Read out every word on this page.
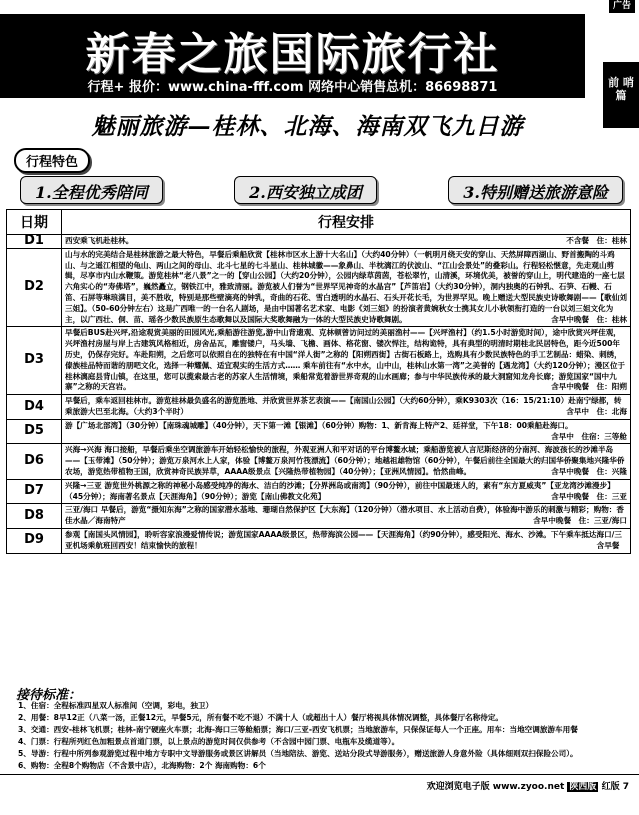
广告
新春之旅国际旅行社
行程+ 报价：www.china-fff.com 网络中心销售总机：86698871	前 哨 篇
魅丽旅游—桂林、北海、海南双飞九日游
行程特色
1.全程优秀陪同	2.西安独立成团	3.特别赠送旅游意险
日期	行程安排
D1	西安乘飞机赴桂林。 不含餐　 住：桂林

D2	山与水的完美结合是桂林旅游之最大特色，早餐后乘船欣赏【桂林市区水上游十大名山】（大约40分钟）（一帆明月绕天安的穿山、天然屏障西湖山、野首搬陶的斗鸡山、与之遥江相望的龟山、两山之间的母山、北斗七星的七斗星山、桂林城徽——象鼻山、半枕漓江的伏波山、“江山会景处”的叠彩山。行程轻松惬意，先走观山剪辑，尽享市内山水鞭策。游览桂林“老八景”之一的【穿山公园】（大约20分钟），公园内绿草茵茵，苍松翠竹，山清溪，环境优美，被誉的穿山上，明代建造的一座七层六角实心的“寿佛塔”，巍然矗立，钢铁江中，雅致清丽。游览被人们誉为“世界罕见神奇的水晶宫”【芦笛岩】（大约30分钟），洞内独奥的石钟乳、石笋、石幔、石笛、石屏等琳琅满目，美不胜收，特别是那些壁滴亮的钟乳，奇曲的石花、雪白透明的水晶石、石头开花长毛，为世界罕见。晚上赠送大型民族史诗歌舞剧——【歌仙刘三姐】。（50-60分钟左右）这是广西唯一的一台名人剧场，是由中国著名艺术家、电影《刘三姐》的扮演者黄婉秋女士携其女儿小秋领衔打造的一台以刘三姐文化为主，以广西壮、侗、苗、瑶各少数民族原生态歌舞以及国际大奖歌舞融为一体的大型民族史诗歌舞剧。 含早中晚餐　 住：桂林

D3	早餐后BUS赴兴坪,沿途观赏美丽的田园风光,乘船游往游览,游中山背遗观、克林顿曾访问过的美丽渔村——【兴坪渔村】（约1.5小时游览时间），途中欣赏兴坪佳观，兴坪渔村房屋与岸上古建筑风格相近，房舍品瓦，雕窗镂户，马头墙、飞檐、画体、格花窗、镂次悍注，结构诡特，具有典型的明清时期桂北民居特色，距今近500年历史，仍保存完好。车赴阳朔，之后您可以依照自在的独特在有中国“洋人街”之称的【阳朔西街】古街石板路上，选购具有少数民族特色的手工艺制品：蜡染、刺绣，傣族桂品特而谐的朋吧文化，选择一种耀佩、适宜观实的生活方式…… 乘车前往有“水中水，山中山，桂林山水第一湾”之美誉的【遇龙湾】（大约120分钟）；漫区位于桂林漓庭县背山镇，在这里，您可以揽索最古老的苏家人生活情境，乘船常览着游世界奇观的山水画廊；参与中华民族传承的最大洞窟知龙舟长廊；游览国家“国中九寨”之称的天宫岩。 含早中晚餐　 住：阳朔

D4	早餐后，乘车返回桂林市。游览桂林最负盛名的游览胜地、并欣赏世界茶艺表演——【南国山公园】（大约60分钟），乘K9303次（16：15/21:10）赴南宁绿都，转乘旅游大巴至北海。（大约3个半时） 含早中　 住：北海

D5	游【广场北部湾】（30分钟）【南珠魂城雕】（40分钟），天下第一滩【银滩】（60分钟）购物：1、新肯海上特产2、廷祥堂，下午18：00乘船赴海口。
含早中　 住宿：三等舱

D6	兴海→兴海 海口接船，早餐后乘坐空调旅游车开始轻松愉快的旅程，外观亚洲人和平对话的平台博鳌水城；乘船游览被人言尼斯经济的分南河、海波孩长的沙滩半岛——【玉带滩】（50分钟）；游览万泉河水上人家，体验【博鳌万泉河竹筏漂流】（60分钟）；地越祖雄物馆（60分钟），午餐后前往全国最大的归国华侨聚集地兴隆华侨农场，游览热带植物王国，欣赏神奇民族异草，AAAA级景点【兴隆热带植物园】（40分钟）；【亚洲风情园】。恰然曲峰。 含早中晚餐　 住：兴隆

D7	兴隆→三亚 游览世外桃源之称的神秘小岛感受纯净的海水、洁白的沙滩；【分界洲岛或南湾】（90分钟），前往中国最迷人的，素有“东方夏威夷”【亚龙湾沙滩漫步】（45分钟）；海南著名景点【天涯海角】（90分钟）；游览【南山佛教文化苑】 含早中晚餐　 住：三亚

D8	三亚/海口 早餐后，游览“摄知东海”之称的国家潜水基地、珊瑚自然保护区【大东海】（120分钟）（潜水项目、水上活动自费），体验海中游乐的刺激与精彩；购物：香佳水晶／海南特产 含早中晚餐　 住：三亚/海口

D9	参观【南国头风情园】，聆听容家浪漫爱情传说；游览国家AAAA级景区，热带海滨公园——【天涯海角】（约90分钟），感受阳光、海水、沙滩。下午乘车抵达海口/三亚机场乘航班回西安！结束愉快的旅程！ 含早餐　
接待标准：

1、住宿：全程标准四星双人标准间（空调，彩电，独卫）

2、用餐：8早12正（八菜一汤，正餐12元，早餐5元，所有餐不吃不退）不满十人（或超出十人）餐厅将视具体情况调整，具体餐厅名称待定。

3、交通：西安-桂林飞机票；桂林-南宁硬座火车票；北海-海口三等舱船票；海口/三亚-西安飞机票；当地旅游车，只保保证每人一个正座。用车：当地空调旅游车用餐

4、门票：行程所列红色加粗景点首道门票，以上景点的游览时间仅供参考（不含园中园门票、电瓶车及缆道等）。

5、导游：行程中所列参观游览过程中地方专职中文导游服务或景区讲解员（当地陪法、游览、送站分段式导游服务），赠送旅游人身意外险（具体细则双扫保险公司）。

6、购物：全程8个购物店（不含景中店），北海购物：2个 海南购物：6个

欢迎浏览电子版 www.zyoo.net 陕西版 红版 7
